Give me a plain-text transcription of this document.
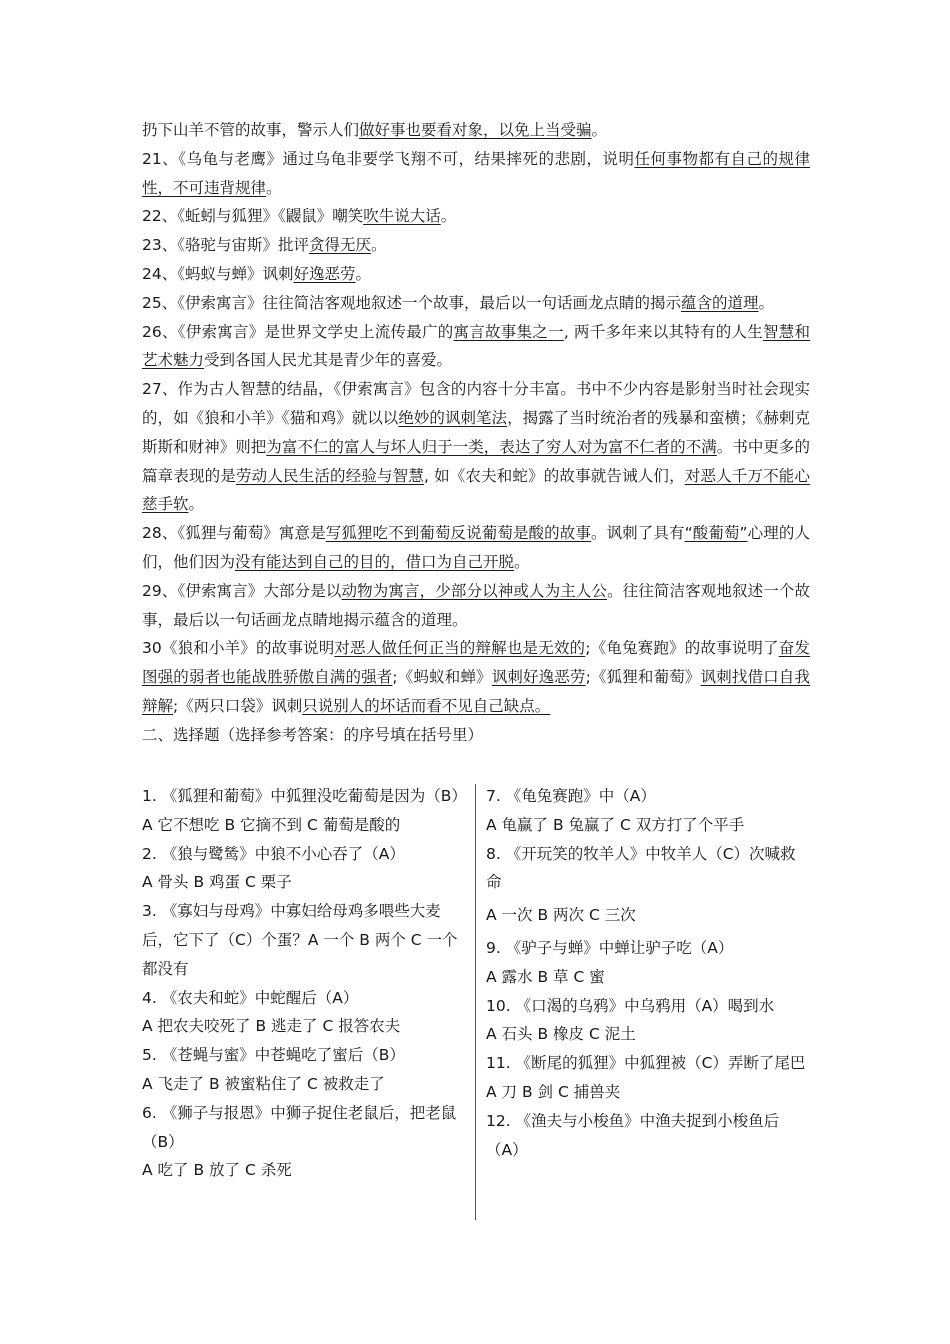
扔下山羊不管的故事，警示人们做好事也要看对象，以免上当受骗。

21、《乌龟与老鹰》通过乌龟非要学飞翔不可，结果摔死的悲剧，说明任何事物都有自己的规律性，不可违背规律。

22、《蚯蚓与狐狸》《鼹鼠》嘲笑吹牛说大话。

23、《骆驼与宙斯》批评贪得无厌。

24、《蚂蚁与蝉》讽刺好逸恶劳。

25、《伊索寓言》往往简洁客观地叙述一个故事，最后以一句话画龙点睛的揭示蕴含的道理。

26、《伊索寓言》是世界文学史上流传最广的寓言故事集之一, 两千多年来以其特有的人生智慧和艺术魅力受到各国人民尤其是青少年的喜爱。

27、作为古人智慧的结晶，《伊索寓言》包含的内容十分丰富。书中不少内容是影射当时社会现实的，如《狼和小羊》《猫和鸡》就以以绝妙的讽刺笔法，揭露了当时统治者的残暴和蛮横；《赫剌克斯斯和财神》则把为富不仁的富人与坏人归于一类，表达了穷人对为富不仁者的不满。书中更多的篇章表现的是劳动人民生活的经验与智慧, 如《农夫和蛇》的故事就告诫人们，对恶人千万不能心慈手软。

28、《狐狸与葡萄》寓意是写狐狸吃不到葡萄反说葡萄是酸的故事。讽刺了具有“酸葡萄”心理的人们，他们因为没有能达到自己的目的，借口为自己开脱。

29、《伊索寓言》大部分是以动物为寓言，少部分以神或人为主人公。往往简洁客观地叙述一个故事，最后以一句话画龙点睛地揭示蕴含的道理。

30《狼和小羊》的故事说明对恶人做任何正当的辩解也是无效的;《龟兔赛跑》的故事说明了奋发图强的弱者也能战胜骄傲自满的强者;《蚂蚁和蝉》讽刺好逸恶劳;《狐狸和葡萄》讽刺找借口自我辩解;《两只口袋》讽刺只说别人的坏话而看不见自己缺点。

二、选择题（选择参考答案：的序号填在括号里）

1. 《狐狸和葡萄》中狐狸没吃葡萄是因为（B）

A 它不想吃 B 它摘不到 C 葡萄是酸的

2. 《狼与鹭鸶》中狼不小心吞了（A）

A 骨头 B 鸡蛋 C 栗子

3. 《寡妇与母鸡》中寡妇给母鸡多喂些大麦后，它下了（C）个蛋？A 一个 B 两个 C 一个都没有

4. 《农夫和蛇》中蛇醒后（A）

A 把农夫咬死了 B 逃走了 C 报答农夫

5. 《苍蝇与蜜》中苍蝇吃了蜜后（B）

A 飞走了 B 被蜜粘住了 C 被救走了

6. 《狮子与报恩》中狮子捉住老鼠后，把老鼠（B）

A 吃了 B 放了 C 杀死

7. 《龟兔赛跑》中（A）

A 龟赢了 B 兔赢了 C 双方打了个平手

8. 《开玩笑的牧羊人》中牧羊人（C）次喊救命

A 一次 B 两次 C 三次

9. 《驴子与蝉》中蝉让驴子吃（A）

A 露水 B 草 C 蜜

10. 《口渴的乌鸦》中乌鸦用（A）喝到水

A 石头 B 橡皮 C 泥土

11. 《断尾的狐狸》中狐狸被（C）弄断了尾巴

A 刀 B 剑 C 捕兽夹

12. 《渔夫与小梭鱼》中渔夫捉到小梭鱼后（A）
